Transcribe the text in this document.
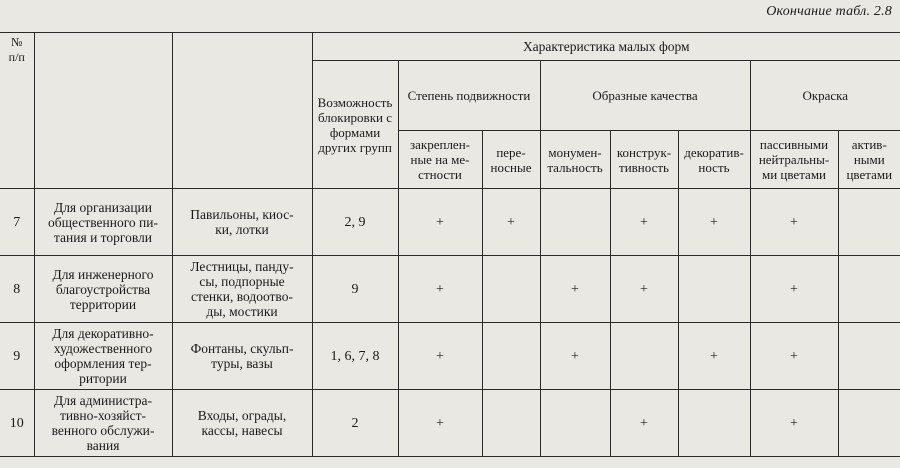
Окончание табл. 2.8
№
п/п			Характеристика малых форм							
			Возможность
блокировки с
формами
других групп	Степень подвижности		Образные качества			Окраска	
				закреплен-
ные на ме-
стности	пере-
носные	монумен-
тальность	конструк-
тивность	декоратив-
ность	пассивными
нейтральны-
ми цветами	актив-
ными
цветами
7	Для организации
общественного пи-
тания и торговли	Павильоны, киос-
ки, лотки	2, 9	+	+		+	+	+	
8	Для инженерного
благоустройства
территории	Лестницы, панду-
сы, подпорные
стенки, водоотво-
ды, мостики	9	+		+	+		+	
9	Для декоративно-
художественного
оформления тер-
ритории	Фонтаны, скульп-
туры, вазы	1, 6, 7, 8	+		+		+	+	
10	Для администра-
тивно-хозяйст-
венного обслужи-
вания	Входы, ограды,
кассы, навесы	2	+			+		+	
